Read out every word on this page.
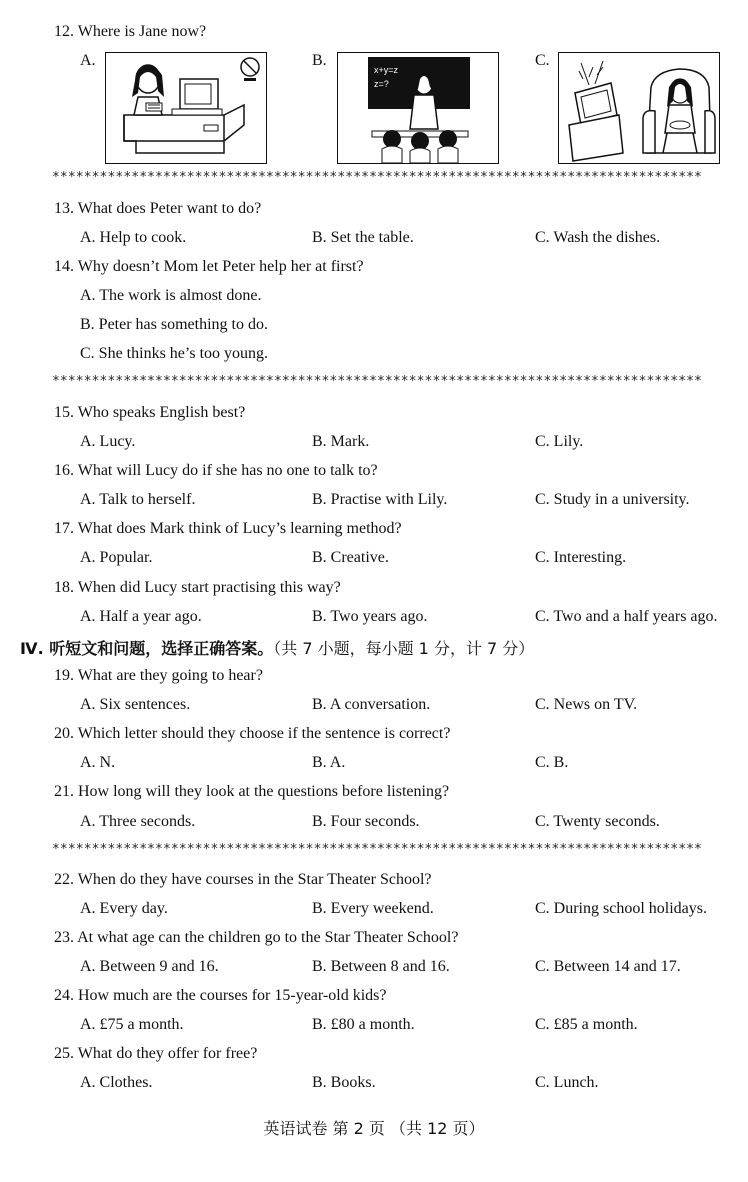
12. Where is Jane now?
A.	B.
x+y=z
z=?
C.
**********************************************************************************
13. What does Peter want to do?
A. Help to cook.	B. Set the table.	C. Wash the dishes.
14. Why doesn’t Mom let Peter help her at first?
A. The work is almost done.
B. Peter has something to do.
C. She thinks he’s too young.
**********************************************************************************
15. Who speaks English best?
A. Lucy.	B. Mark.	C. Lily.
16. What will Lucy do if she has no one to talk to?
A. Talk to herself.	B. Practise with Lily.	C. Study in a university.
17. What does Mark think of Lucy’s learning method?
A. Popular.	B. Creative.	C. Interesting.
18. When did Lucy start practising this way?
A. Half a year ago.	B. Two years ago.	C. Two and a half years ago.
Ⅳ. 听短文和问题，选择正确答案。（共 7 小题，每小题 1 分，计 7 分）
19. What are they going to hear?
A. Six sentences.	B. A conversation.	C. News on TV.
20. Which letter should they choose if the sentence is correct?
A. N.	B. A.	C. B.
21. How long will they look at the questions before listening?
A. Three seconds.	B. Four seconds.	C. Twenty seconds.
**********************************************************************************
22. When do they have courses in the Star Theater School?
A. Every day.	B. Every weekend.	C. During school holidays.
23. At what age can the children go to the Star Theater School?
A. Between 9 and 16.	B. Between 8 and 16.	C. Between 14 and 17.
24. How much are the courses for 15-year-old kids?
A. £75 a month.	B. £80 a month.	C. £85 a month.
25. What do they offer for free?
A. Clothes.	B. Books.	C. Lunch.
英语试卷 第 2 页 （共 12 页）
